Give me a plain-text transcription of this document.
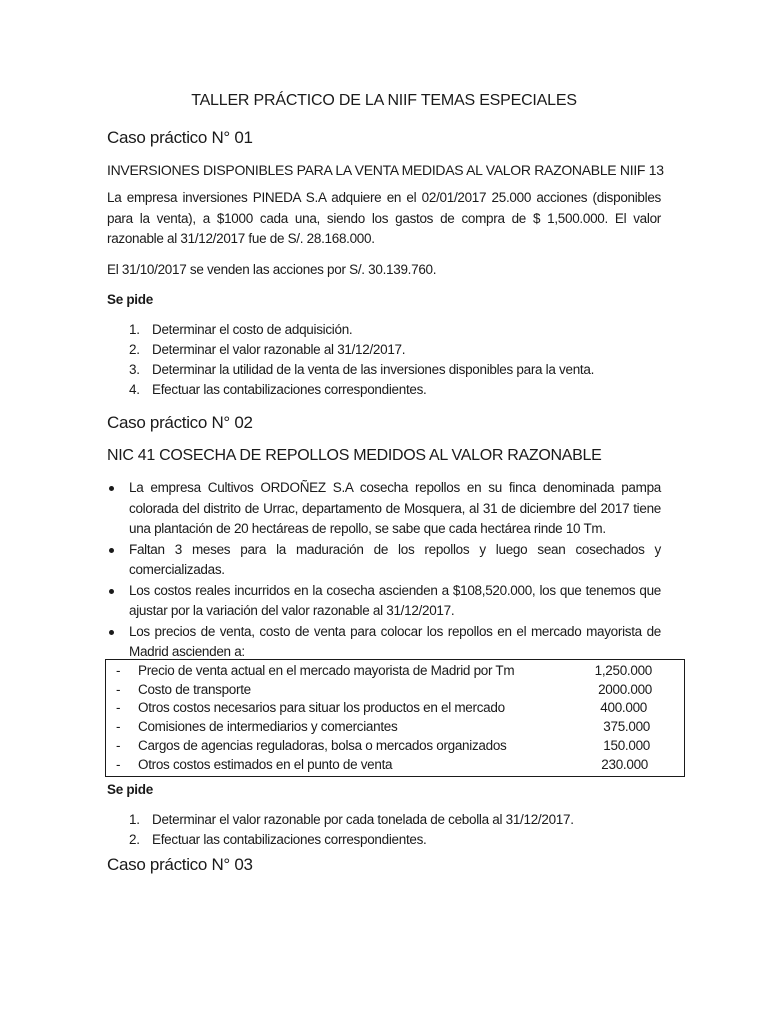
TALLER PRÁCTICO DE LA NIIF TEMAS ESPECIALES
Caso práctico N° 01
INVERSIONES DISPONIBLES PARA LA VENTA MEDIDAS AL VALOR RAZONABLE NIIF 13
La empresa inversiones PINEDA S.A adquiere en el 02/01/2017 25.000 acciones (disponibles para la venta), a $1000 cada una, siendo los gastos de compra de $ 1,500.000. El valor razonable al 31/12/2017 fue de S/. 28.168.000.
El 31/10/2017 se venden las acciones por S/. 30.139.760.
Se pide
1. Determinar el costo de adquisición.
2. Determinar el valor razonable al 31/12/2017.
3. Determinar la utilidad de la venta de las inversiones disponibles para la venta.
4. Efectuar las contabilizaciones correspondientes.
Caso práctico N° 02
NIC 41 COSECHA DE REPOLLOS MEDIDOS AL VALOR RAZONABLE
La empresa Cultivos ORDOÑEZ S.A cosecha repollos en su finca denominada pampa colorada del distrito de Urrac, departamento de Mosquera, al 31 de diciembre del 2017 tiene una plantación de 20 hectáreas de repollo, se sabe que cada hectárea rinde 10 Tm.
Faltan 3 meses para la maduración de los repollos y luego sean cosechados y comercializadas.
Los costos reales incurridos en la cosecha ascienden a $108,520.000, los que tenemos que ajustar por la variación del valor razonable al 31/12/2017.
Los precios de venta, costo de venta para colocar los repollos en el mercado mayorista de Madrid ascienden a:
- Precio de venta actual en el mercado mayorista de Madrid por Tm	1,250.000
- Costo de transporte	2000.000
- Otros costos necesarios para situar los productos en el mercado	400.000
- Comisiones de intermediarios y comerciantes	375.000
- Cargos de agencias reguladoras, bolsa o mercados organizados	150.000
- Otros costos estimados en el punto de venta	230.000
Se pide
1. Determinar el valor razonable por cada tonelada de cebolla al 31/12/2017.
2. Efectuar las contabilizaciones correspondientes.
Caso práctico N° 03
